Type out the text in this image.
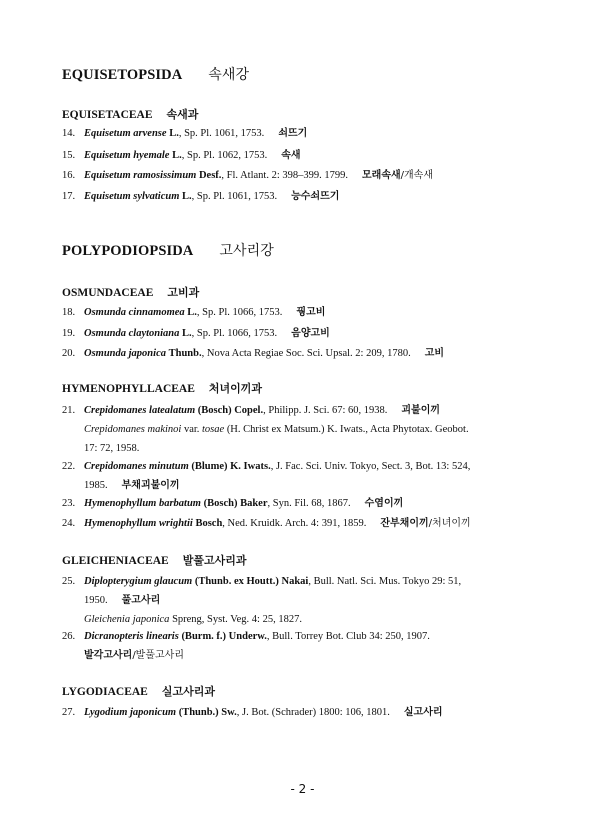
EQUISETOPSIDA 속새강
EQUISETACEAE 속새과
14. Equisetum arvense L., Sp. Pl. 1061, 1753. 쇠뜨기
15. Equisetum hyemale L., Sp. Pl. 1062, 1753. 속새
16. Equisetum ramosissimum Desf., Fl. Atlant. 2: 398–399. 1799. 모래속새/개속새
17. Equisetum sylvaticum L., Sp. Pl. 1061, 1753. 능수쇠뜨기
POLYPODIOPSIDA 고사리강
OSMUNDACEAE 고비과
18. Osmunda cinnamomea L., Sp. Pl. 1066, 1753. 꿩고비
19. Osmunda claytoniana L., Sp. Pl. 1066, 1753. 음양고비
20. Osmunda japonica Thunb., Nova Acta Regiae Soc. Sci. Upsal. 2: 209, 1780. 고비
HYMENOPHYLLACEAE 처녀이끼과
21. Crepidomanes latealatum (Bosch) Copel., Philipp. J. Sci. 67: 60, 1938. 괴불이끼
Crepidomanes makinoi var. tosae (H. Christ ex Matsum.) K. Iwats., Acta Phytotax. Geobot.
17: 72, 1958.
22. Crepidomanes minutum (Blume) K. Iwats., J. Fac. Sci. Univ. Tokyo, Sect. 3, Bot. 13: 524,
1985. 부채괴불이끼
23. Hymenophyllum barbatum (Bosch) Baker, Syn. Fil. 68, 1867. 수염이끼
24. Hymenophyllum wrightii Bosch, Ned. Kruidk. Arch. 4: 391, 1859. 잔부채이끼/처녀이끼
GLEICHENIACEAE 발풀고사리과
25. Diplopterygium glaucum (Thunb. ex Houtt.) Nakai, Bull. Natl. Sci. Mus. Tokyo 29: 51,
1950. 풀고사리
Gleichenia japonica Spreng, Syst. Veg. 4: 25, 1827.
26. Dicranopteris linearis (Burm. f.) Underw., Bull. Torrey Bot. Club 34: 250, 1907.
발각고사리/발풀고사리
LYGODIACEAE 실고사리과
27. Lygodium japonicum (Thunb.) Sw., J. Bot. (Schrader) 1800: 106, 1801. 실고사리
- 2 -
